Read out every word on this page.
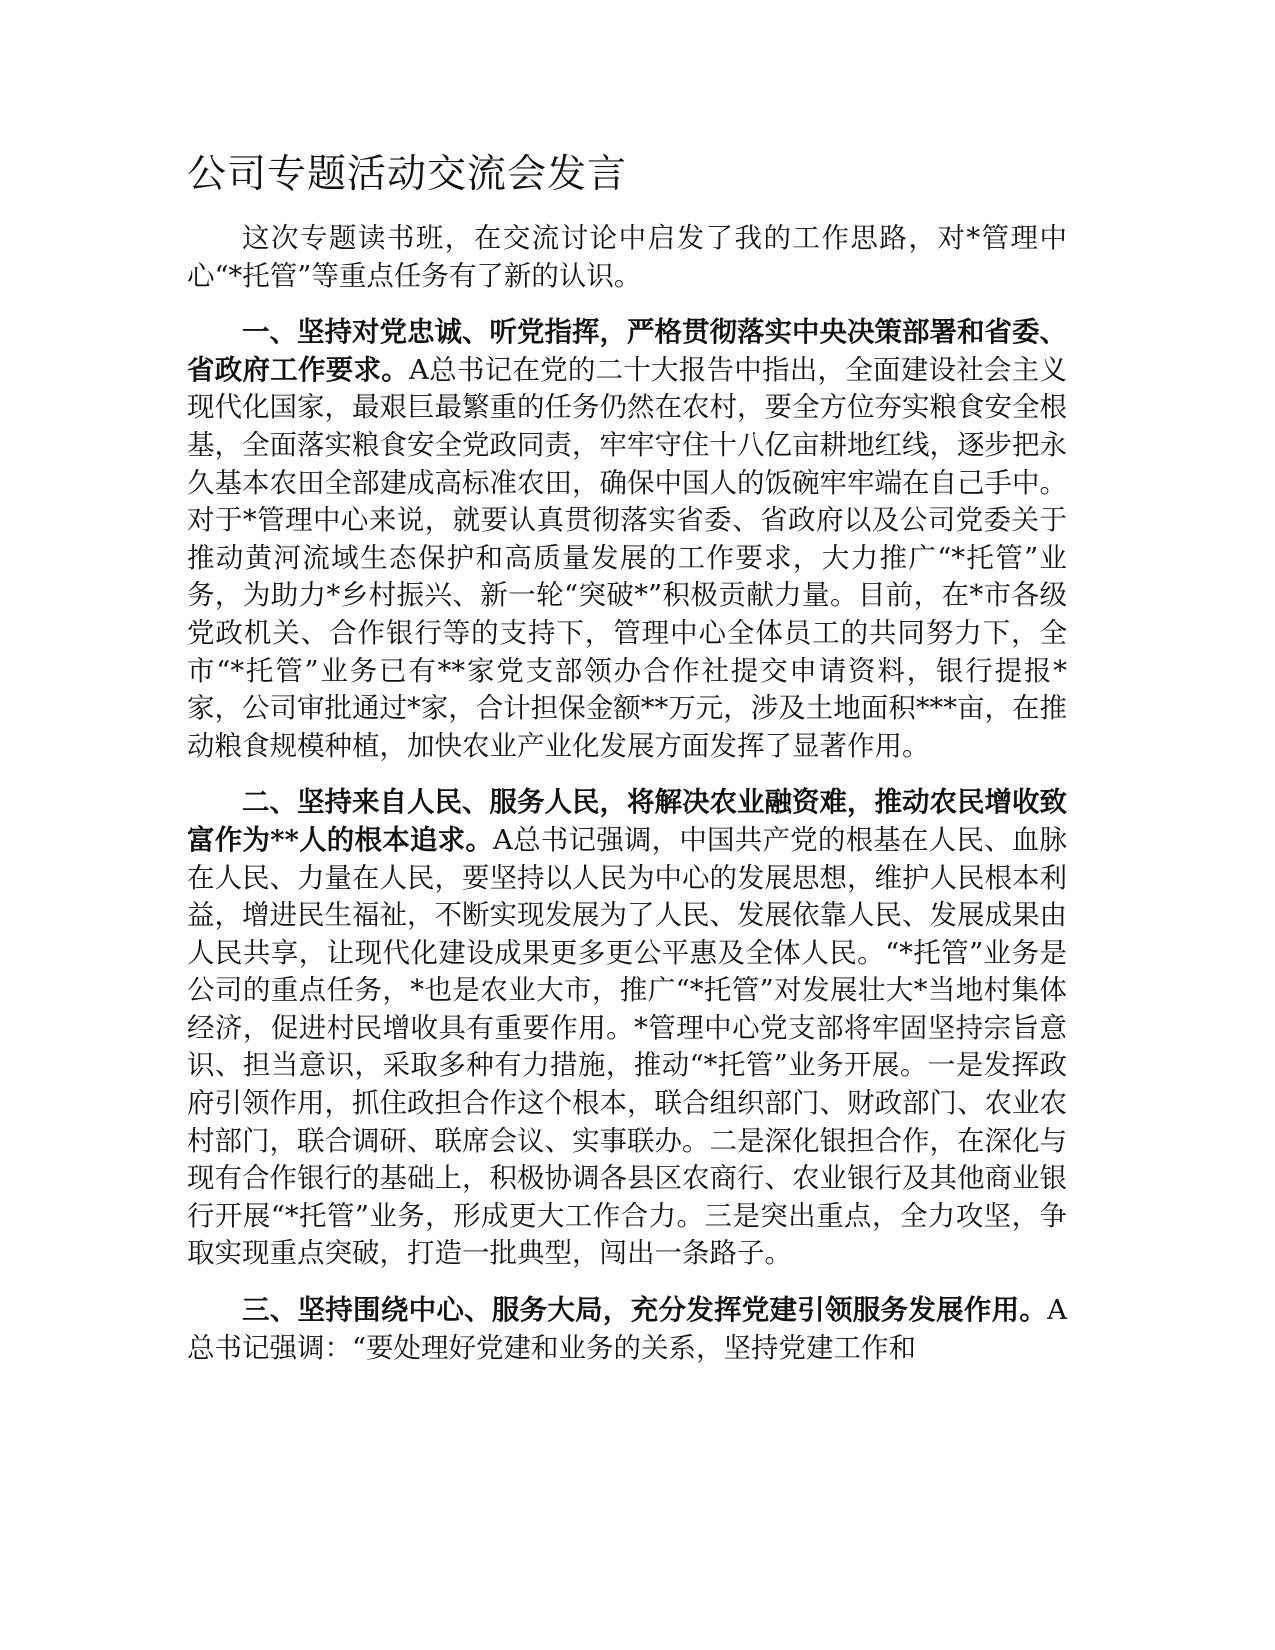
公司专题活动交流会发言

这次专题读书班，在交流讨论中启发了我的工作思路，对*管理中心“*托管”等重点任务有了新的认识。

一、坚持对党忠诚、听党指挥，严格贯彻落实中央决策部署和省委、省政府工作要求。A总书记在党的二十大报告中指出，全面建设社会主义现代化国家，最艰巨最繁重的任务仍然在农村，要全方位夯实粮食安全根基，全面落实粮食安全党政同责，牢牢守住十八亿亩耕地红线，逐步把永久基本农田全部建成高标准农田，确保中国人的饭碗牢牢端在自己手中。对于*管理中心来说，就要认真贯彻落实省委、省政府以及公司党委关于推动黄河流域生态保护和高质量发展的工作要求，大力推广“*托管”业务，为助力*乡村振兴、新一轮“突破*”积极贡献力量。目前，在*市各级党政机关、合作银行等的支持下，管理中心全体员工的共同努力下，全市“*托管”业务已有**家党支部领办合作社提交申请资料，银行提报*家，公司审批通过*家，合计担保金额**万元，涉及土地面积***亩，在推动粮食规模种植，加快农业产业化发展方面发挥了显著作用。

二、坚持来自人民、服务人民，将解决农业融资难，推动农民增收致富作为**人的根本追求。A总书记强调，中国共产党的根基在人民、血脉在人民、力量在人民，要坚持以人民为中心的发展思想，维护人民根本利益，增进民生福祉，不断实现发展为了人民、发展依靠人民、发展成果由人民共享，让现代化建设成果更多更公平惠及全体人民。“*托管”业务是公司的重点任务，*也是农业大市，推广“*托管”对发展壮大*当地村集体经济，促进村民增收具有重要作用。*管理中心党支部将牢固坚持宗旨意识、担当意识，采取多种有力措施，推动“*托管”业务开展。一是发挥政府引领作用，抓住政担合作这个根本，联合组织部门、财政部门、农业农村部门，联合调研、联席会议、实事联办。二是深化银担合作，在深化与现有合作银行的基础上，积极协调各县区农商行、农业银行及其他商业银行开展“*托管”业务，形成更大工作合力。三是突出重点，全力攻坚，争取实现重点突破，打造一批典型，闯出一条路子。

三、坚持围绕中心、服务大局，充分发挥党建引领服务发展作用。A总书记强调：“要处理好党建和业务的关系，坚持党建工作和
